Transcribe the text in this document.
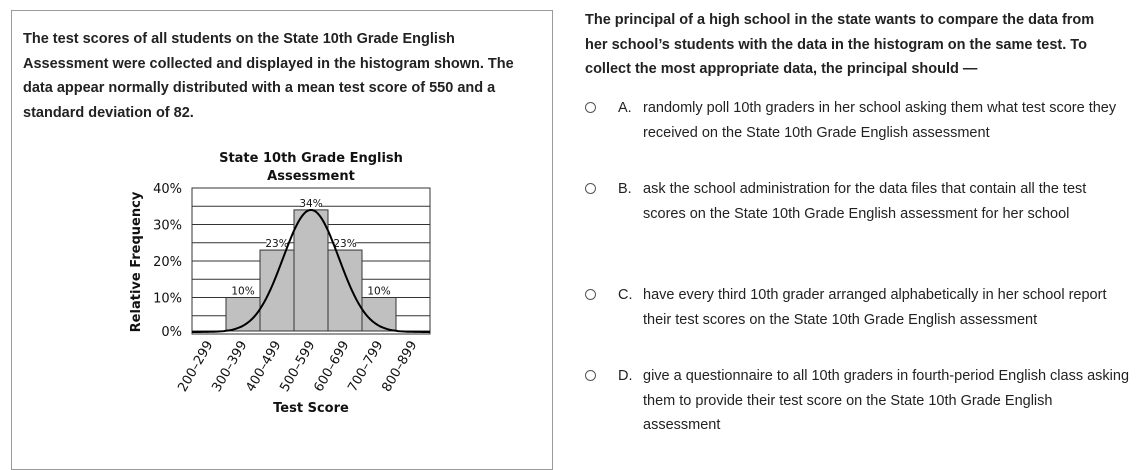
The test scores of all students on the State 10th Grade English Assessment were collected and displayed in the histogram shown. The data appear normally distributed with a mean test score of 550 and a standard deviation of 82.
State 10th Grade English
Assessment
0%
10%
20%
30%
40%
10%
23%
34%
23%
10%
200–299
300–399
400–499
500–599
600–699
700–799
800–899
Test Score
Relative Frequency
The principal of a high school in the state wants to compare the data from her school’s students with the data in the histogram on the same test. To collect the most appropriate data, the principal should —
A. randomly poll 10th graders in her school asking them what test score they received on the State 10th Grade English assessment
B. ask the school administration for the data files that contain all the test scores on the State 10th Grade English assessment for her school
C. have every third 10th grader arranged alphabetically in her school report their test scores on the State 10th Grade English assessment
D. give a questionnaire to all 10th graders in fourth-period English class asking them to provide their test score on the State 10th Grade English assessment
